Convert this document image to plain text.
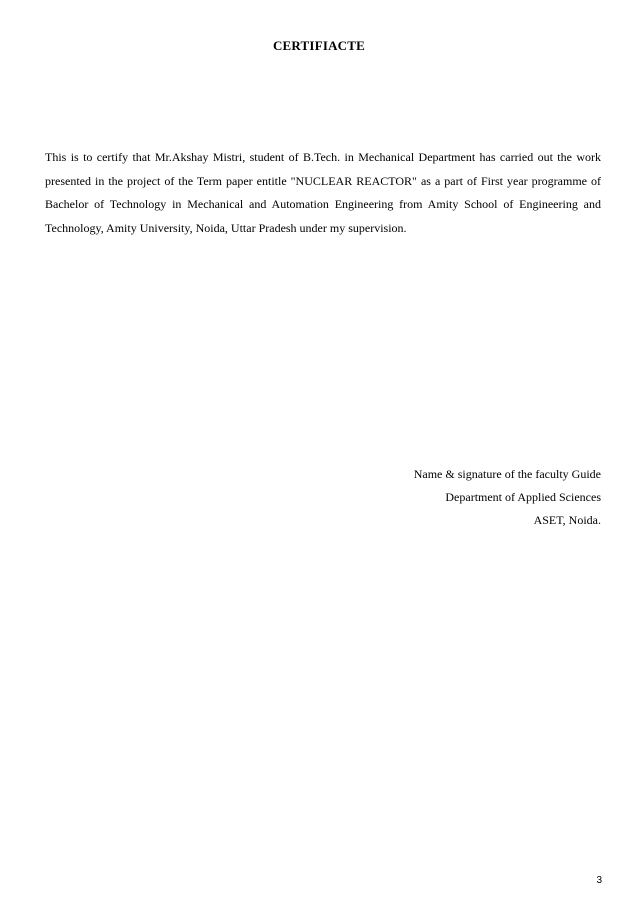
CERTIFIACTE

This is to certify that Mr.Akshay Mistri, student of B.Tech. in Mechanical Department has carried out the work presented in the project of the Term paper entitle "NUCLEAR REACTOR" as a part of First year programme of Bachelor of Technology in Mechanical and Automation Engineering from Amity School of Engineering and Technology, Amity University, Noida, Uttar Pradesh under my supervision.

Name & signature of the faculty Guide
Department of Applied Sciences
ASET, Noida.
3
